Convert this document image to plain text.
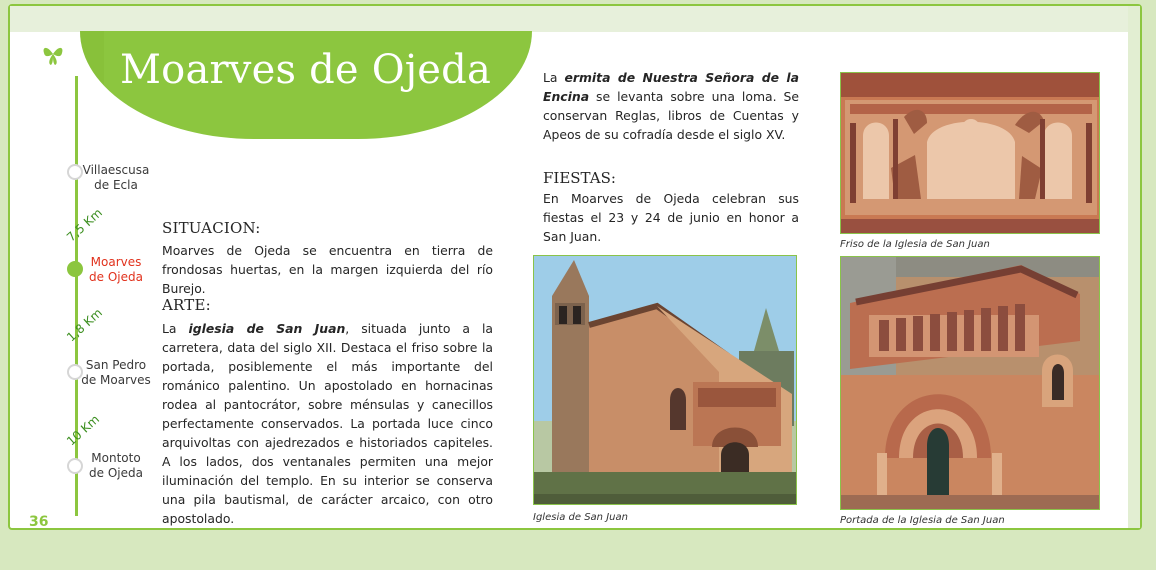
Moarves de Ojeda
Villaescusa
de Ecla
Moarves
de Ojeda
San Pedro
de Moarves
Montoto
de Ojeda
7,5 Km
1,8 Km
10 Km
SITUACION:
Moarves de Ojeda se encuentra en tierra de frondosas huertas, en la margen izquierda del río Burejo.
ARTE:
La iglesia de San Juan, situada junto a la carretera, data del siglo XII. Destaca el friso sobre la portada, posiblemente el más importante del románico palentino. Un apostolado en hornacinas rodea al pantocrátor, sobre ménsulas y canecillos perfectamente conservados. La portada luce cinco arquivoltas con ajedrezados e historiados capiteles. A los lados, dos ventanales permiten una mejor iluminación del templo. En su interior se conserva una pila bautismal, de carácter arcaico, con otro apostolado.
La ermita de Nuestra Señora de la Encina se levanta sobre una loma. Se conservan Reglas, libros de Cuentas y Apeos de su cofradía desde el siglo XV.
FIESTAS:
En Moarves de Ojeda celebran sus fiestas el 23 y 24 de junio en honor a San Juan.
Iglesia de San Juan
Friso de la Iglesia de San Juan
Portada de la Iglesia de San Juan
36
